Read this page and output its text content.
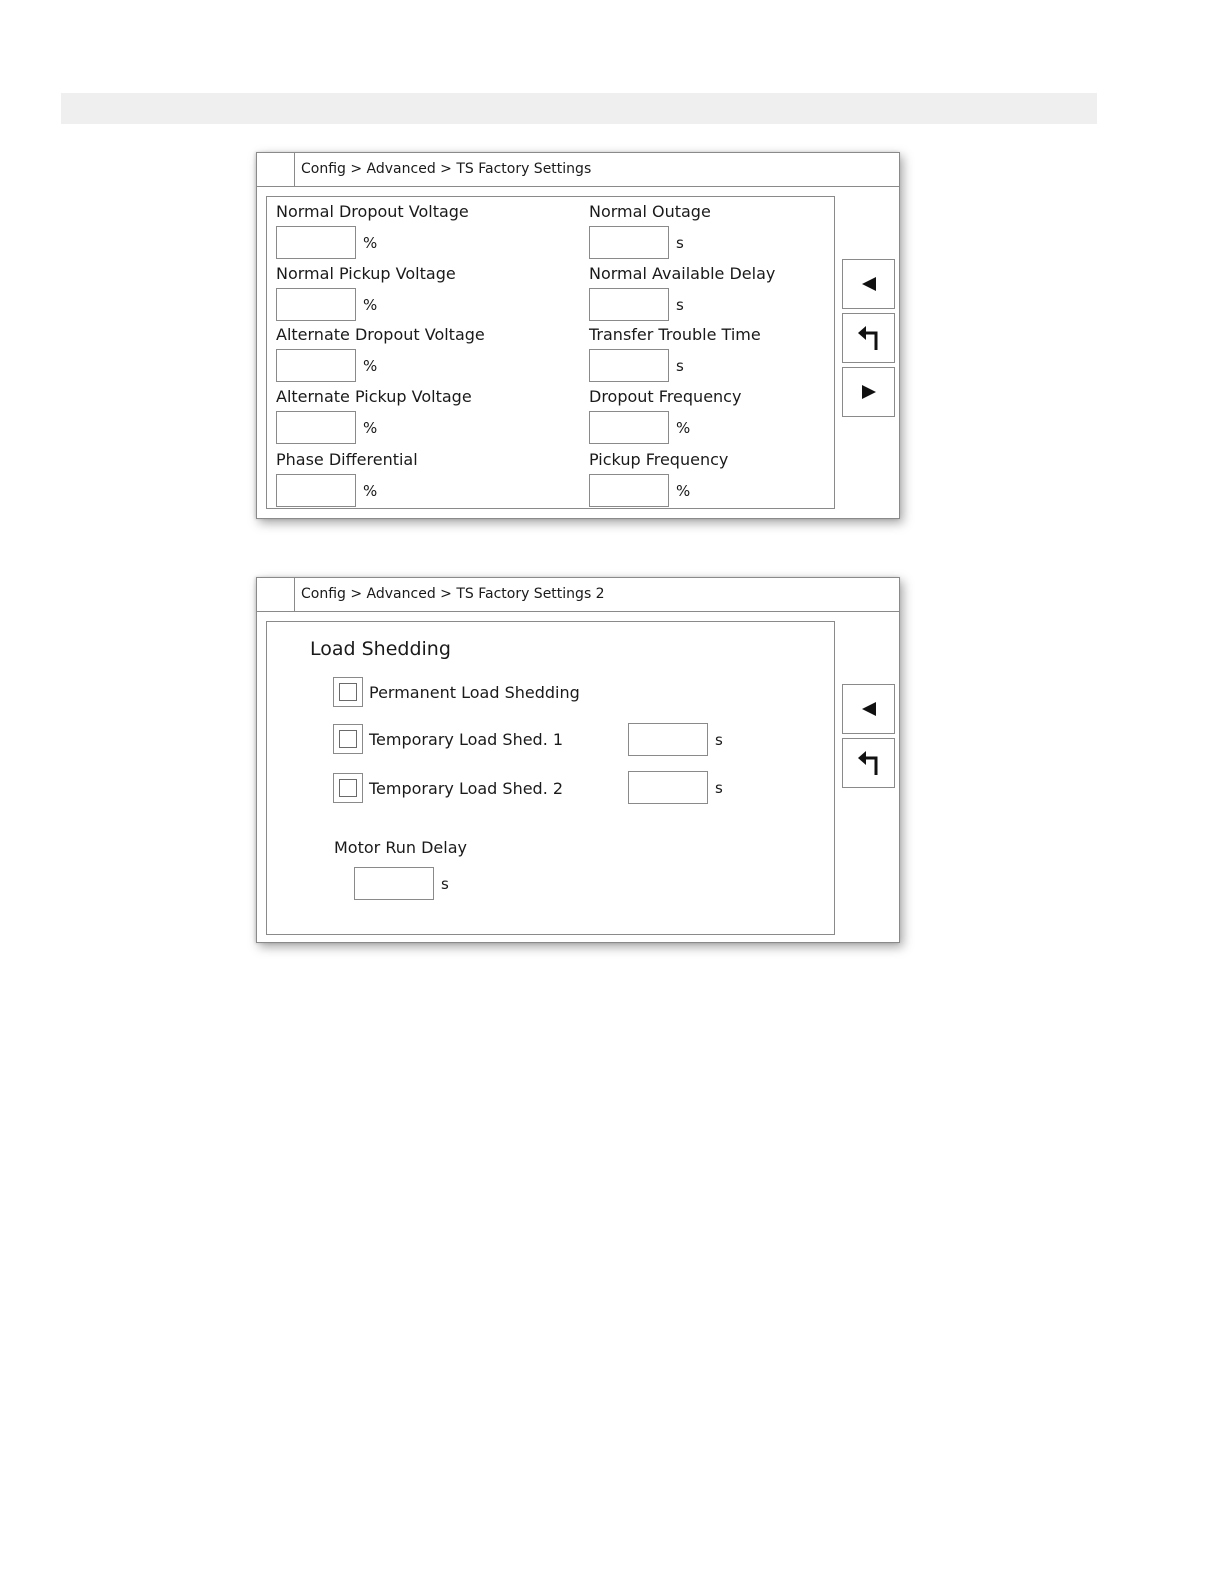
Config > Advanced > TS Factory Settings
Normal Dropout Voltage
%
Normal Pickup Voltage
%
Alternate Dropout Voltage
%
Alternate Pickup Voltage
%
Phase Differential
%
Normal Outage
s
Normal Available Delay
s
Transfer Trouble Time
s
Dropout Frequency
%
Pickup Frequency
%
Config > Advanced > TS Factory Settings 2
Load Shedding
Permanent Load Shedding
Temporary Load Shed. 1	s
Temporary Load Shed. 2	s
Motor Run Delay
s
